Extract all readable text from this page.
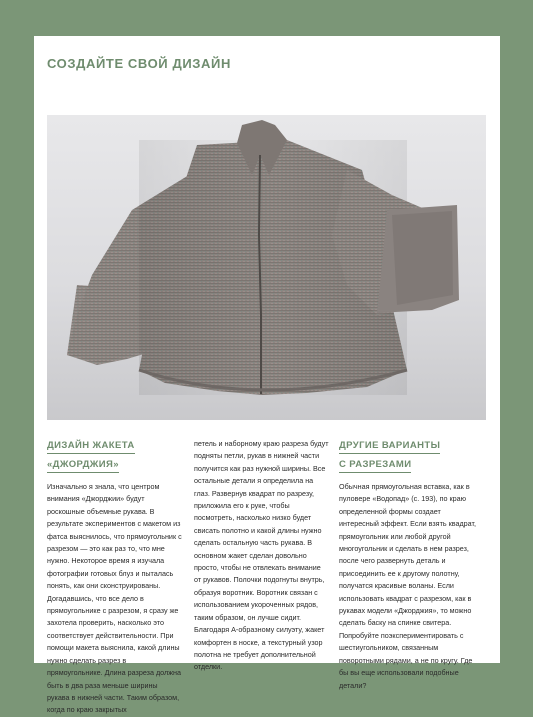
СОЗДАЙТЕ СВОЙ ДИЗАЙН
ДИЗАЙН ЖАКЕТА
«ДЖОРДЖИЯ»

Изначально я знала, что центром внимания «Джорджии» будут роскошные объемные рукава. В результате экспериментов с макетом из фатса выяснилось, что прямоугольник с разрезом — это как раз то, что мне нужно. Некоторое время я изучала фотографии готовых блуз и пыталась понять, как они сконструированы. Догадавшись, что все дело в прямоугольнике с разрезом, я сразу же захотела проверить, насколько это соответствует действительности. При помощи макета выяснила, какой длины нужно сделать разрез в прямоугольнике. Длина разреза должна быть в два раза меньше ширины рукава в нижней части. Таким образом, когда по краю закрытых

петель и наборному краю разреза будут подняты петли, рукав в нижней части получится как раз нужной ширины. Все остальные детали я определила на глаз. Развернув квадрат по разрезу, приложила его к руке, чтобы посмотреть, насколько низко будет свисать полотно и какой длины нужно сделать остальную часть рукава. В основном жакет сделан довольно просто, чтобы не отвлекать внимание от рукавов. Полочки подогнуты внутрь, образуя воротник. Воротник связан с использованием укороченных рядов, таким образом, он лучше сидит. Благодаря А-образному силуэту, жакет комфортен в носке, а текстурный узор полотна не требует дополнительной отделки.

ДРУГИЕ ВАРИАНТЫ
С РАЗРЕЗАМИ

Обычная прямоугольная вставка, как в пуловере «Водопад» (с. 193), по краю определенной формы создает интересный эффект. Если взять квадрат, прямоугольник или любой другой многоугольник и сделать в нем разрез, после чего развернуть деталь и присоединить ее к другому полотну, получатся красивые воланы. Если использовать квадрат с разрезом, как в рукавах модели «Джорджия», то можно сделать баску на спинке свитера. Попробуйте поэкспериментировать с шестиугольником, связанным поворотными рядами, а не по кругу. Где бы вы еще использовали подобные детали?
